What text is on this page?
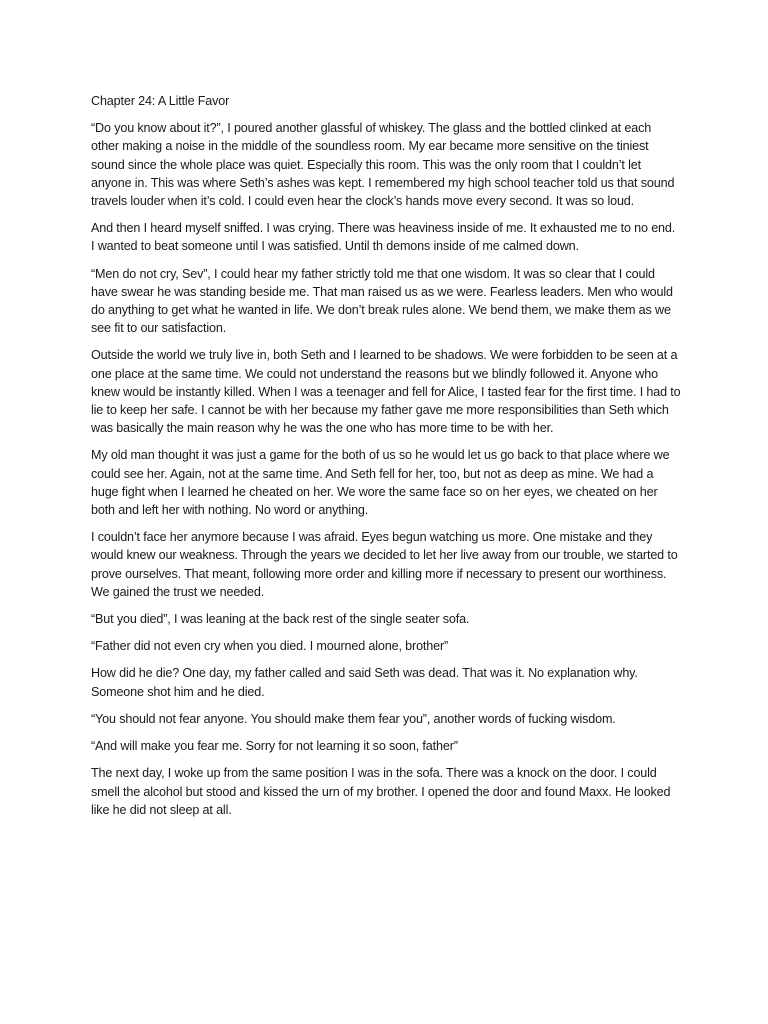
Chapter 24: A Little Favor

“Do you know about it?”, I poured another glassful of whiskey. The glass and the bottled clinked at each other making a noise in the middle of the soundless room. My ear became more sensitive on the tiniest sound since the whole place was quiet. Especially this room. This was the only room that I couldn’t let anyone in. This was where Seth’s ashes was kept. I remembered my high school teacher told us that sound travels louder when it’s cold. I could even hear the clock’s hands move every second. It was so loud.

And then I heard myself sniffed. I was crying. There was heaviness inside of me. It exhausted me to no end. I wanted to beat someone until I was satisfied. Until th demons inside of me calmed down.

“Men do not cry, Sev”, I could hear my father strictly told me that one wisdom. It was so clear that I could have swear he was standing beside me. That man raised us as we were. Fearless leaders. Men who would do anything to get what he wanted in life. We don’t break rules alone. We bend them, we make them as we see fit to our satisfaction.

Outside the world we truly live in, both Seth and I learned to be shadows. We were forbidden to be seen at a one place at the same time. We could not understand the reasons but we blindly followed it. Anyone who knew would be instantly killed. When I was a teenager and fell for Alice, I tasted fear for the first time. I had to lie to keep her safe. I cannot be with her because my father gave me more responsibilities than Seth which was basically the main reason why he was the one who has more time to be with her.

My old man thought it was just a game for the both of us so he would let us go back to that place where we could see her. Again, not at the same time. And Seth fell for her, too, but not as deep as mine. We had a huge fight when I learned he cheated on her. We wore the same face so on her eyes, we cheated on her both and left her with nothing. No word or anything.

I couldn’t face her anymore because I was afraid. Eyes begun watching us more. One mistake and they would knew our weakness. Through the years we decided to let her live away from our trouble, we started to prove ourselves. That meant, following more order and killing more if necessary to present our worthiness. We gained the trust we needed.

“But you died”, I was leaning at the back rest of the single seater sofa.

“Father did not even cry when you died. I mourned alone, brother”

How did he die? One day, my father called and said Seth was dead. That was it. No explanation why. Someone shot him and he died.

“You should not fear anyone. You should make them fear you”, another words of fucking wisdom.

“And will make you fear me. Sorry for not learning it so soon, father”

The next day, I woke up from the same position I was in the sofa. There was a knock on the door. I could smell the alcohol but stood and kissed the urn of my brother. I opened the door and found Maxx. He looked like he did not sleep at all.
